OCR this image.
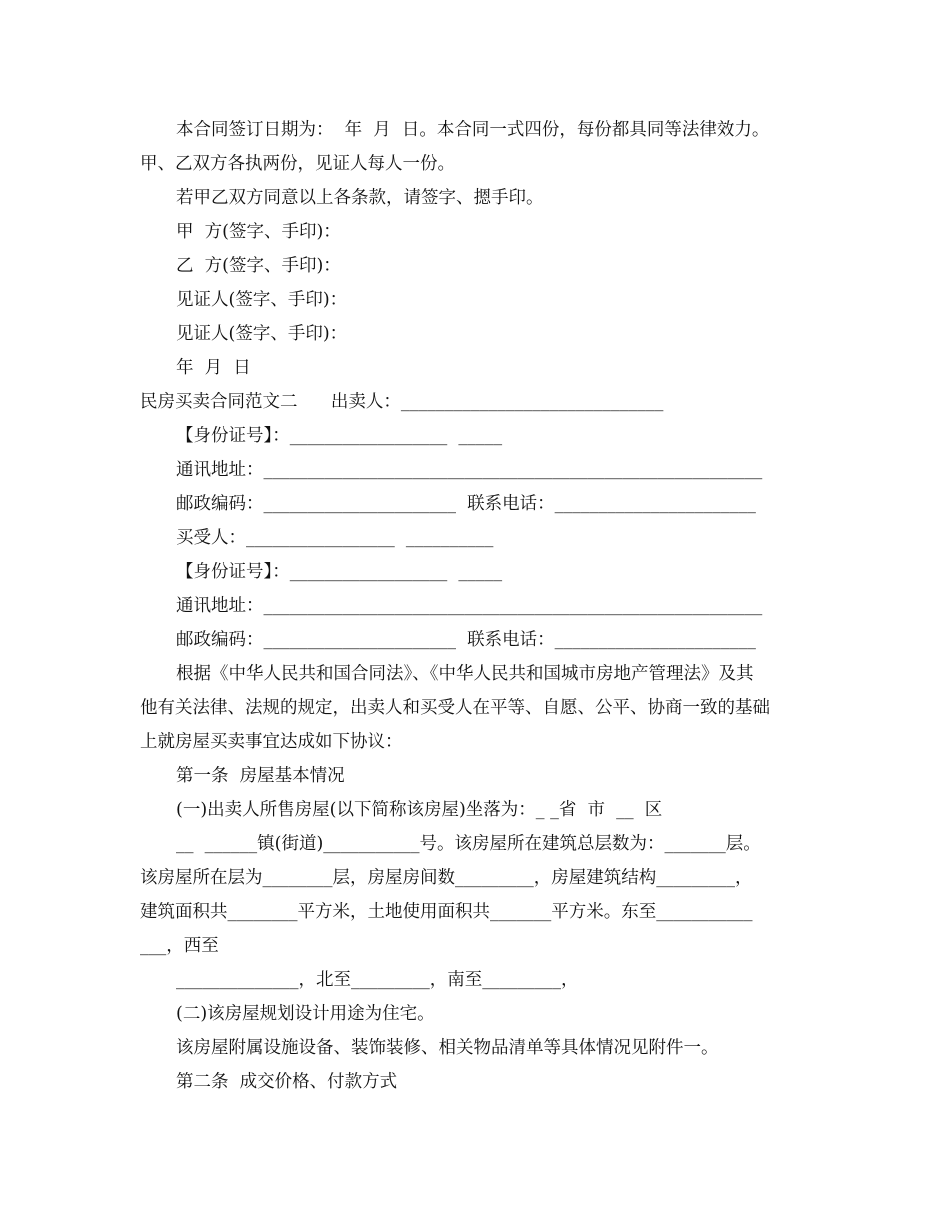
本合同签订日期为：  年  月  日。本合同一式四份，每份都具同等法律效力。
甲、乙双方各执两份，见证人每人一份。
若甲乙双方同意以上各条款，请签字、摁手印。
甲  方(签字、手印)：
乙  方(签字、手印)：
见证人(签字、手印)：
见证人(签字、手印)：
年  月  日
民房买卖合同范文二      出卖人：______________________________
【身份证号】：__________________  _____
通讯地址：_________________________________________________________
邮政编码：______________________  联系电话：_______________________
买受人：_________________  __________
【身份证号】：__________________  _____
通讯地址：_________________________________________________________
邮政编码：______________________  联系电话：_______________________
根据《中华人民共和国合同法》、《中华人民共和国城市房地产管理法》及其
他有关法律、法规的规定，出卖人和买受人在平等、自愿、公平、协商一致的基础
上就房屋买卖事宜达成如下协议：
第一条  房屋基本情况
(一)出卖人所售房屋(以下简称该房屋)坐落为：_ _省  市  __  区
__  ______镇(街道)___________号。该房屋所在建筑总层数为：_______层。
该房屋所在层为________层，房屋房间数_________，房屋建筑结构_________，
建筑面积共________平方米，土地使用面积共_______平方米。东至___________
___，西至
______________，北至_________，南至_________，
(二)该房屋规划设计用途为住宅。
该房屋附属设施设备、装饰装修、相关物品清单等具体情况见附件一。
第二条  成交价格、付款方式
